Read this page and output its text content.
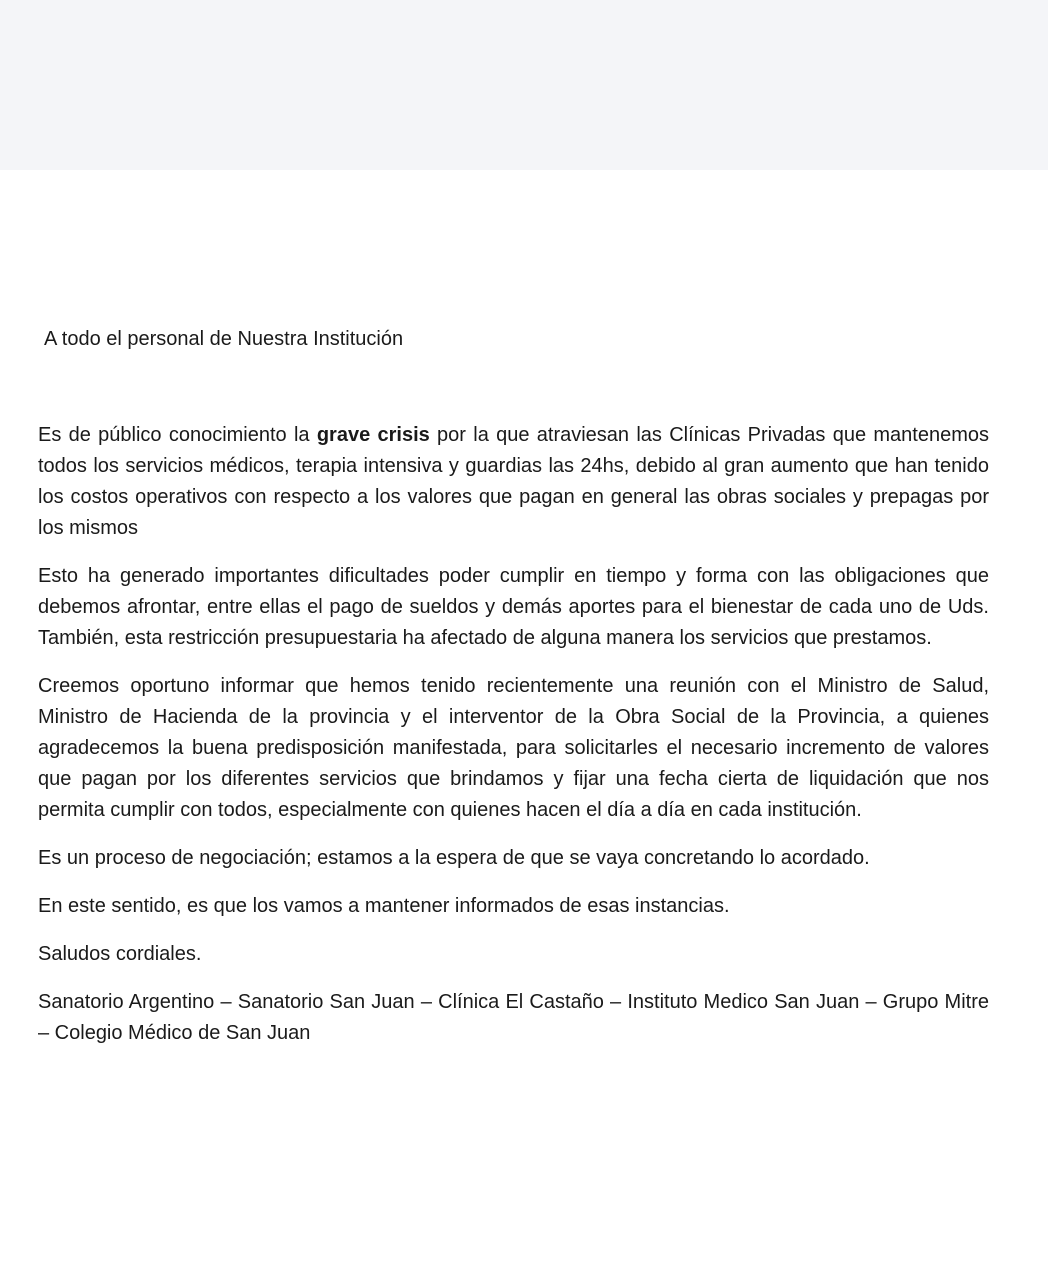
A todo el personal de Nuestra Institución

Es de público conocimiento la grave crisis por la que atraviesan las Clínicas Privadas que mantenemos todos los servicios médicos, terapia intensiva y guardias las 24hs, debido al gran aumento que han tenido los costos operativos con respecto a los valores que pagan en general las obras sociales y prepagas por los mismos

Esto ha generado importantes dificultades poder cumplir en tiempo y forma con las obligaciones que debemos afrontar, entre ellas el pago de sueldos y demás aportes para el bienestar de cada uno de Uds. También, esta restricción presupuestaria ha afectado de alguna manera los servicios que prestamos.

Creemos oportuno informar que hemos tenido recientemente una reunión con el Ministro de Salud, Ministro de Hacienda de la provincia y el interventor de la Obra Social de la Provincia, a quienes agradecemos la buena predisposición manifestada, para solicitarles el necesario incremento de valores que pagan por los diferentes servicios que brindamos y fijar una fecha cierta de liquidación que nos permita cumplir con todos, especialmente con quienes hacen el día a día en cada institución.

Es un proceso de negociación; estamos a la espera de que se vaya concretando lo acordado.

En este sentido, es que los vamos a mantener informados de esas instancias.

Saludos cordiales.

Sanatorio Argentino – Sanatorio San Juan – Clínica El Castaño – Instituto Medico San Juan – Grupo Mitre – Colegio Médico de San Juan
